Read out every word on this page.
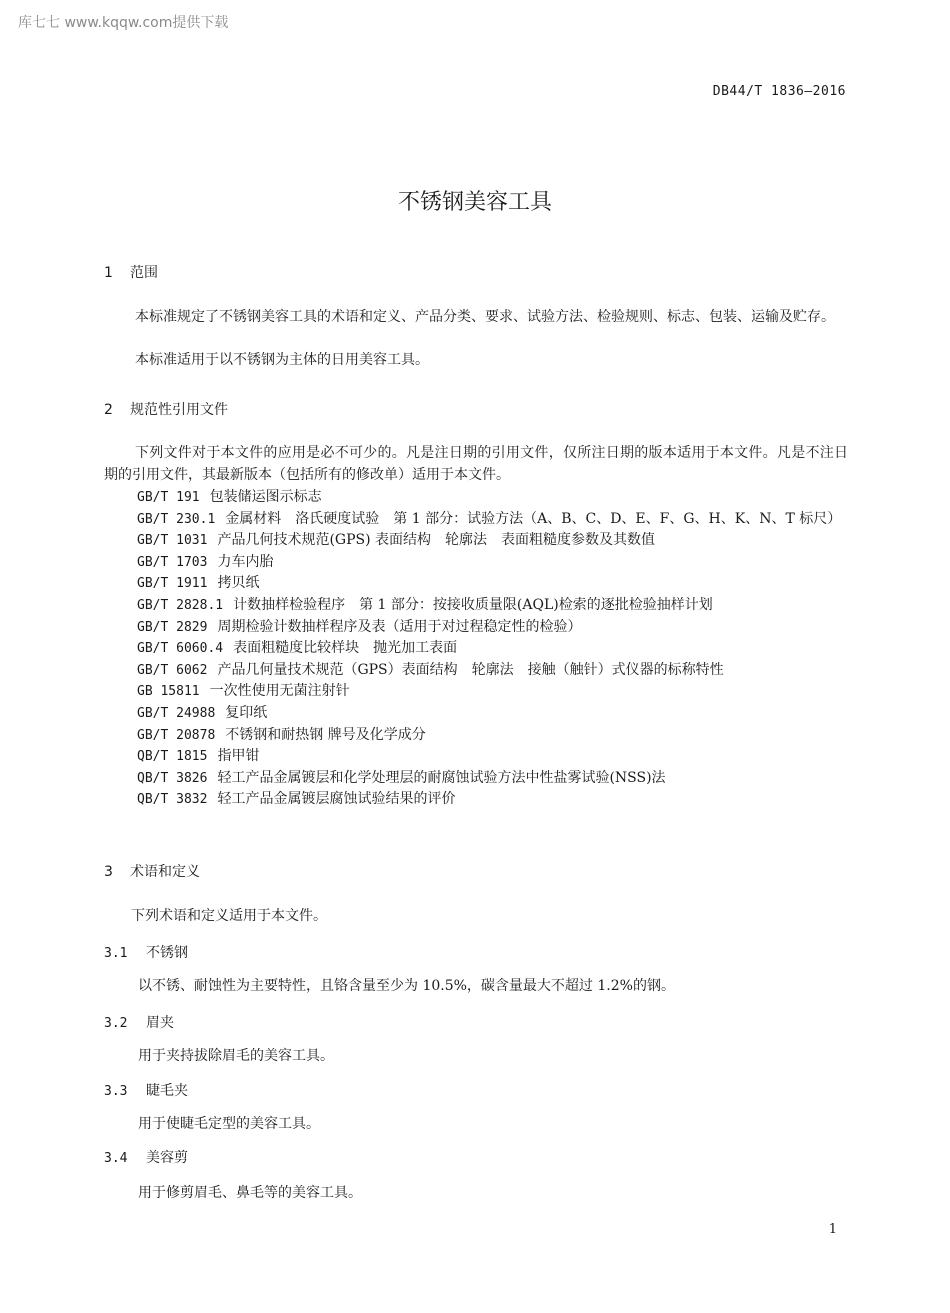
库七七 www.kqqw.com提供下载
DB44/T 1836—2016
不锈钢美容工具
1 范围
本标准规定了不锈钢美容工具的术语和定义、产品分类、要求、试验方法、检验规则、标志、包装、运输及贮存。
本标准适用于以不锈钢为主体的日用美容工具。
2 规范性引用文件
下列文件对于本文件的应用是必不可少的。凡是注日期的引用文件，仅所注日期的版本适用于本文件。凡是不注日期的引用文件，其最新版本（包括所有的修改单）适用于本文件。
GB/T 191 包装储运图示标志
GB/T 230.1 金属材料　洛氏硬度试验　第 1 部分：试验方法（A、B、C、D、E、F、G、H、K、N、T 标尺）
GB/T 1031 产品几何技术规范(GPS) 表面结构　轮廓法　表面粗糙度参数及其数值
GB/T 1703 力车内胎
GB/T 1911 拷贝纸
GB/T 2828.1 计数抽样检验程序　第 1 部分：按接收质量限(AQL)检索的逐批检验抽样计划
GB/T 2829 周期检验计数抽样程序及表（适用于对过程稳定性的检验）
GB/T 6060.4 表面粗糙度比较样块　抛光加工表面
GB/T 6062 产品几何量技术规范（GPS）表面结构　轮廓法　接触（触针）式仪器的标称特性
GB 15811 一次性使用无菌注射针
GB/T 24988 复印纸
GB/T 20878 不锈钢和耐热钢 牌号及化学成分
QB/T 1815 指甲钳
QB/T 3826 轻工产品金属镀层和化学处理层的耐腐蚀试验方法中性盐雾试验(NSS)法
QB/T 3832 轻工产品金属镀层腐蚀试验结果的评价
3 术语和定义
下列术语和定义适用于本文件。
3.1 不锈钢
以不锈、耐蚀性为主要特性，且铬含量至少为 10.5%，碳含量最大不超过 1.2%的钢。
3.2 眉夹
用于夹持拔除眉毛的美容工具。
3.3 睫毛夹
用于使睫毛定型的美容工具。
3.4 美容剪
用于修剪眉毛、鼻毛等的美容工具。
1
